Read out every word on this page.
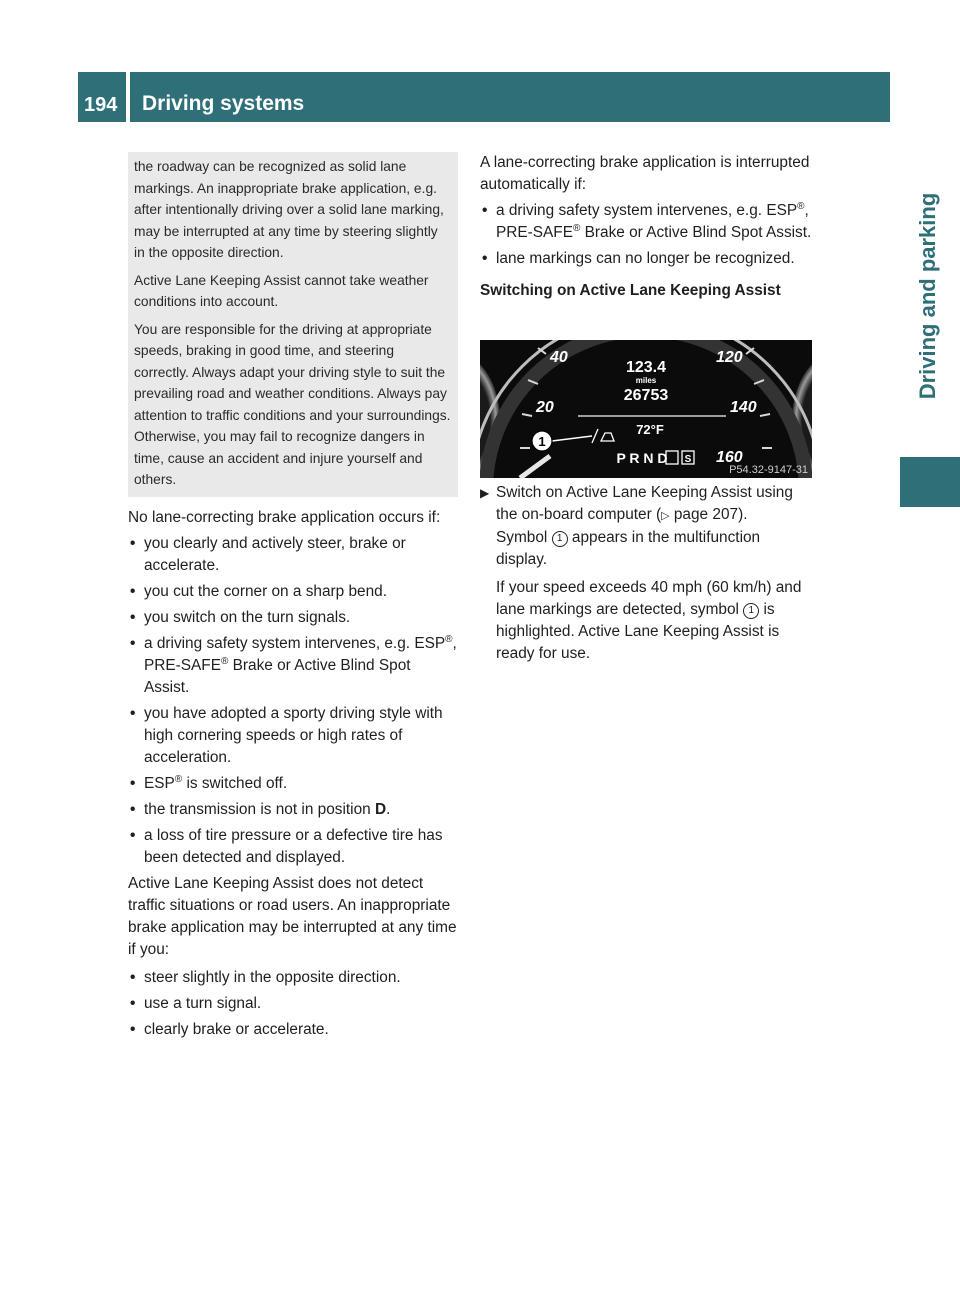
194	Driving systems
Driving and parking

the roadway can be recognized as solid lane markings. An inappropriate brake application, e.g. after intentionally driving over a solid lane marking, may be interrupted at any time by steering slightly in the opposite direction.

Active Lane Keeping Assist cannot take weather conditions into account.

You are responsible for the driving at appropriate speeds, braking in good time, and steering correctly. Always adapt your driving style to suit the prevailing road and weather conditions. Always pay attention to traffic conditions and your surroundings. Otherwise, you may fail to recognize dangers in time, cause an accident and injure yourself and others.

No lane-correcting brake application occurs if:

• you clearly and actively steer, brake or accelerate.
• you cut the corner on a sharp bend.
• you switch on the turn signals.
• a driving safety system intervenes, e.g. ESP®, PRE-SAFE® Brake or Active Blind Spot Assist.
• you have adopted a sporty driving style with high cornering speeds or high rates of acceleration.
• ESP® is switched off.
• the transmission is not in position D.
• a loss of tire pressure or a defective tire has been detected and displayed.

Active Lane Keeping Assist does not detect traffic situations or road users. An inappropriate brake application may be interrupted at any time if you:

• steer slightly in the opposite direction.
• use a turn signal.
• clearly brake or accelerate.

A lane-correcting brake application is interrupted automatically if:

• a driving safety system intervenes, e.g. ESP®, PRE-SAFE® Brake or Active Blind Spot Assist.
• lane markings can no longer be recognized.
Switching on Active Lane Keeping Assist
▶ Switch on Active Lane Keeping Assist using the on-board computer (▷ page 207).
Symbol 1 appears in the multifunction display.
If your speed exceeds 40 mph (60 km/h) and lane markings are detected, symbol 1 is highlighted. Active Lane Keeping Assist is ready for use.
40
20
120
140
160
123.4
miles
26753
72°F
P R N D S
1
P54.32-9147-31
